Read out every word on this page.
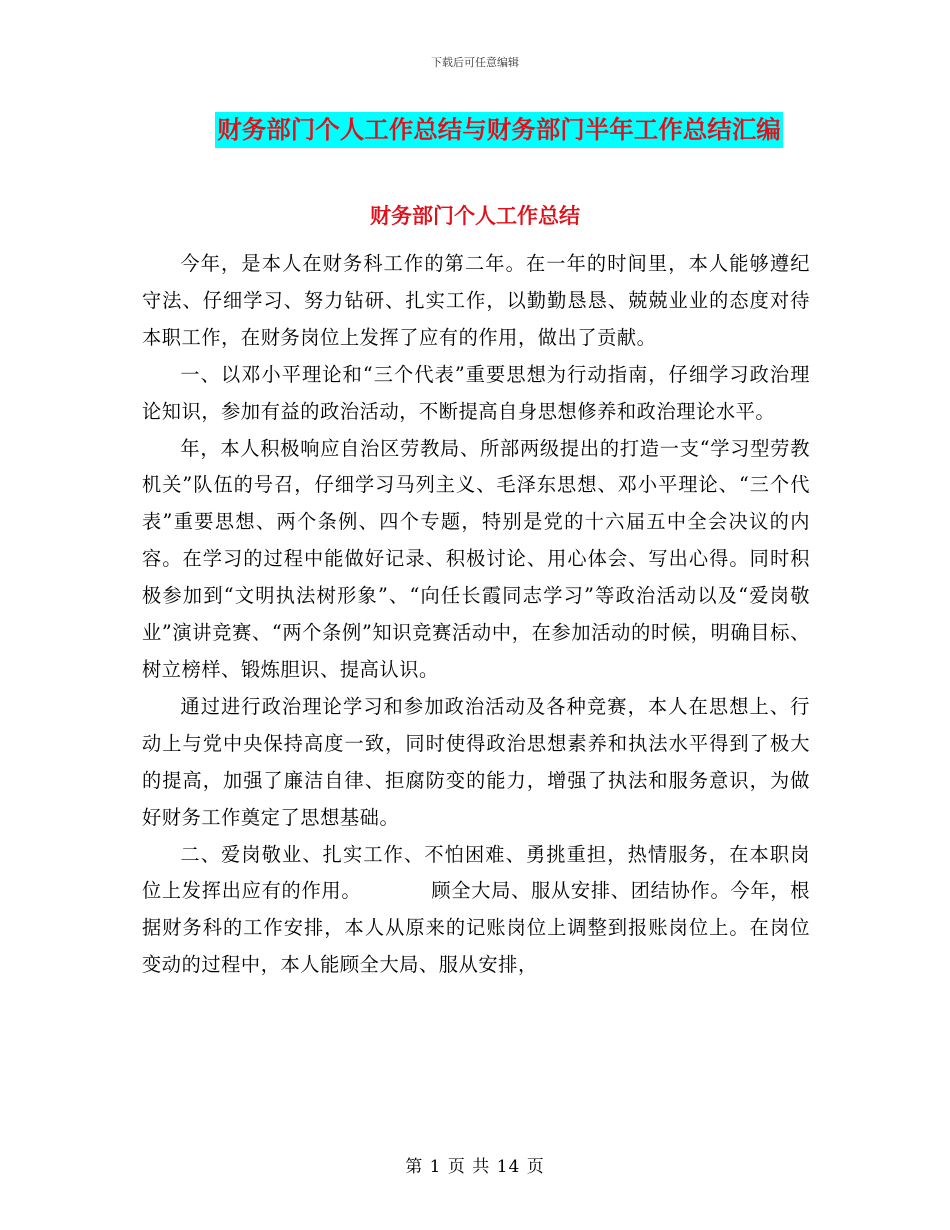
下载后可任意编辑
财务部门个人工作总结与财务部门半年工作总结汇编
财务部门个人工作总结

今年，是本人在财务科工作的第二年。在一年的时间里，本人能够遵纪守法、仔细学习、努力钻研、扎实工作，以勤勤恳恳、兢兢业业的态度对待本职工作，在财务岗位上发挥了应有的作用，做出了贡献。

一、以邓小平理论和“三个代表”重要思想为行动指南，仔细学习政治理论知识，参加有益的政治活动，不断提高自身思想修养和政治理论水平。

年，本人积极响应自治区劳教局、所部两级提出的打造一支“学习型劳教机关”队伍的号召，仔细学习马列主义、毛泽东思想、邓小平理论、“三个代表”重要思想、两个条例、四个专题，特别是党的十六届五中全会决议的内容。在学习的过程中能做好记录、积极讨论、用心体会、写出心得。同时积极参加到“文明执法树形象”、“向任长霞同志学习”等政治活动以及“爱岗敬业”演讲竞赛、“两个条例”知识竞赛活动中，在参加活动的时候，明确目标、树立榜样、锻炼胆识、提高认识。

通过进行政治理论学习和参加政治活动及各种竞赛，本人在思想上、行动上与党中央保持高度一致，同时使得政治思想素养和执法水平得到了极大的提高，加强了廉洁自律、拒腐防变的能力，增强了执法和服务意识，为做好财务工作奠定了思想基础。

二、爱岗敬业、扎实工作、不怕困难、勇挑重担，热情服务，在本职岗位上发挥出应有的作用。　　　　顾全大局、服从安排、团结协作。今年，根据财务科的工作安排，本人从原来的记账岗位上调整到报账岗位上。在岗位变动的过程中，本人能顾全大局、服从安排，

第 1 页 共 14 页
